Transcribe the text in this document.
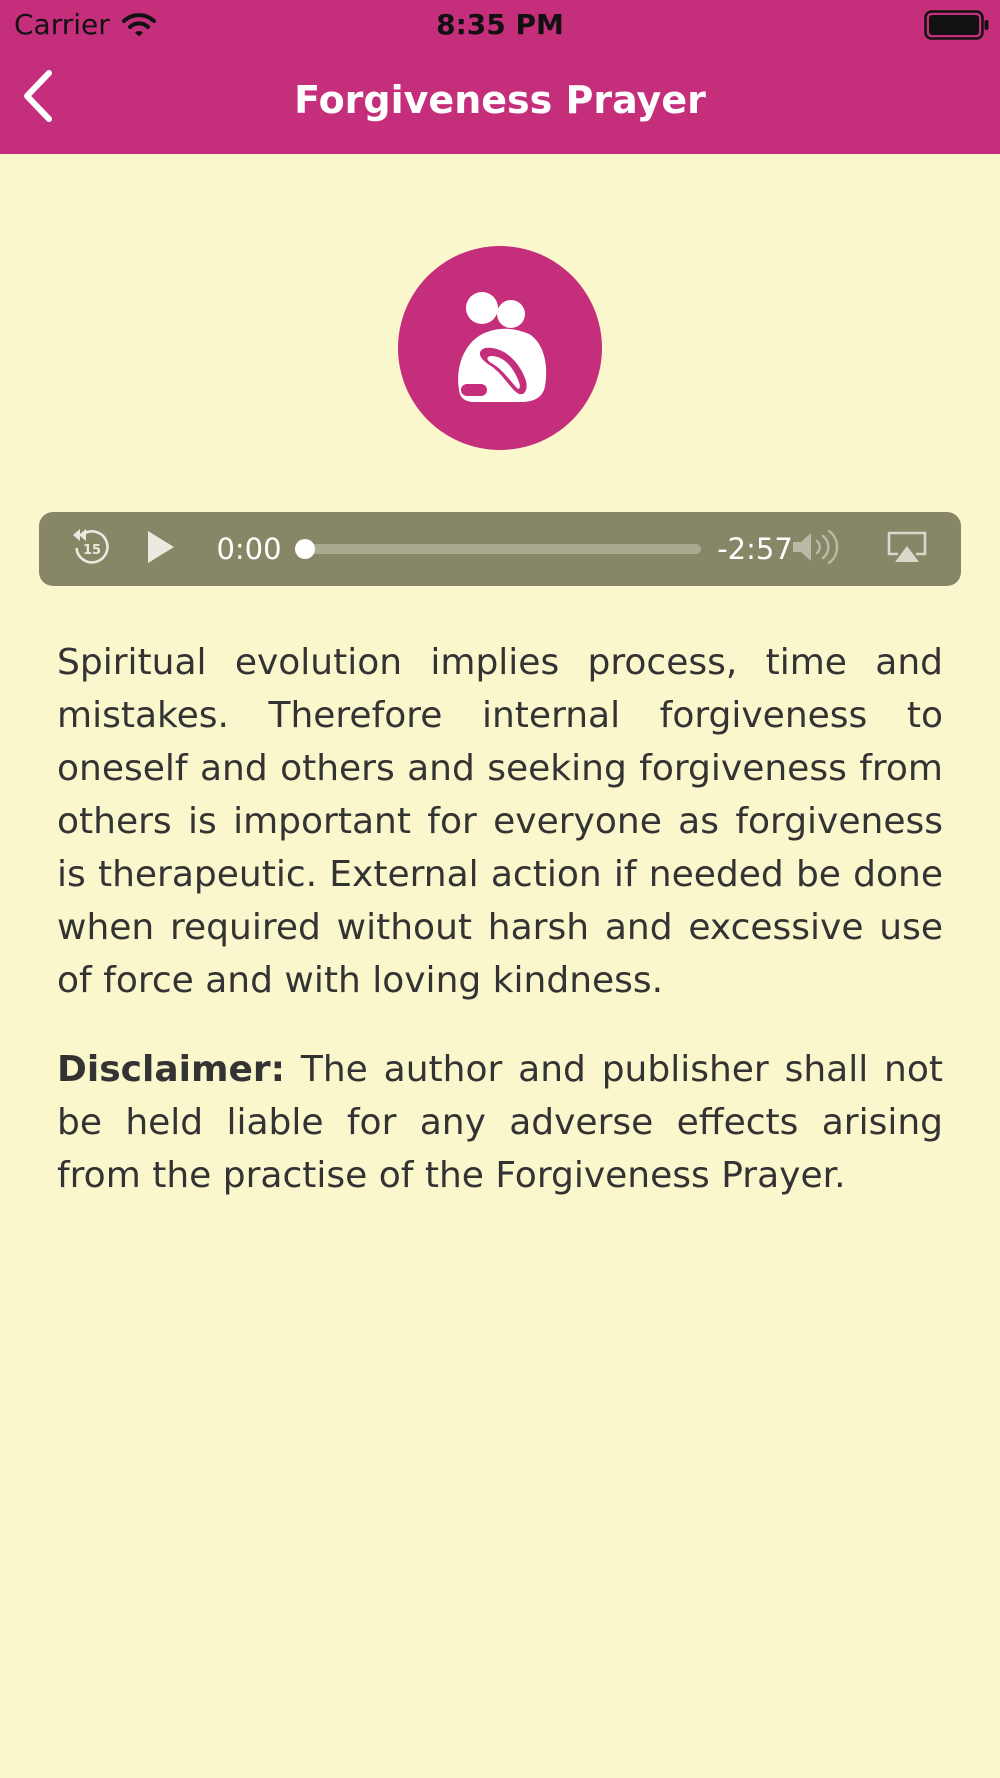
Carrier	8:35 PM
Forgiveness Prayer
15	0:00	-2:57

Spiritual evolution implies process, time and mistakes. Therefore internal forgiveness to oneself and others and seeking forgiveness from others is important for everyone as forgiveness is therapeutic. External action if needed be done when required without harsh and excessive use of force and with loving kindness.

Disclaimer: The author and publisher shall not be held liable for any adverse effects arising from the practise of the Forgiveness Prayer.
